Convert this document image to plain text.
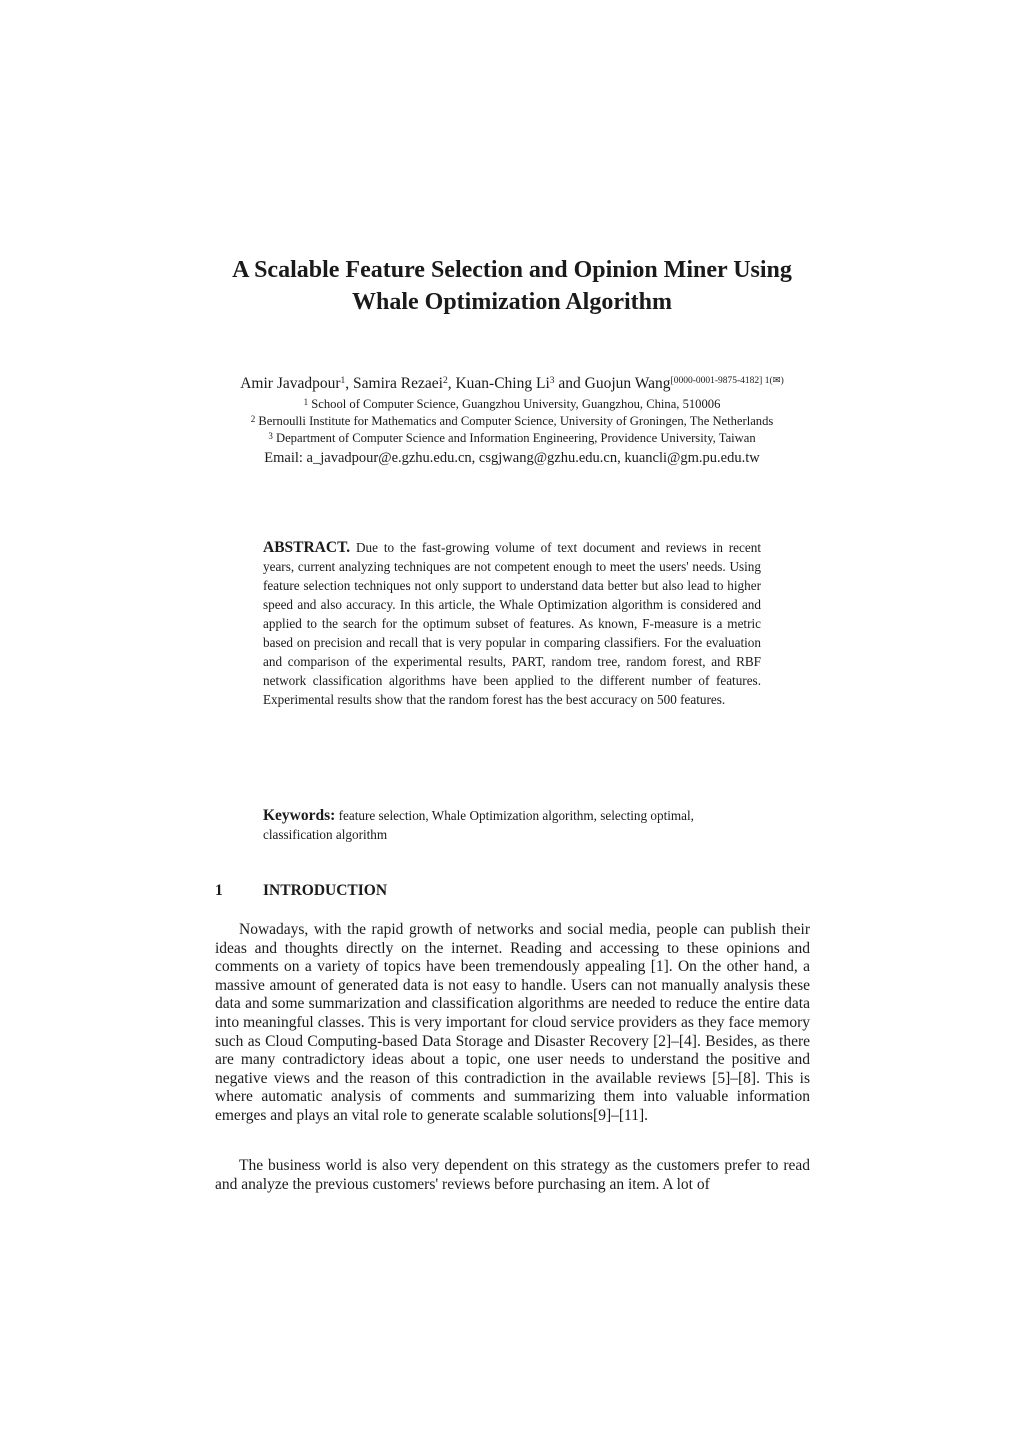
A Scalable Feature Selection and Opinion Miner Using
Whale Optimization Algorithm
Amir Javadpour$^1$, Samira Rezaei$^2$, Kuan-Ching Li$^3$ and Guojun Wang$^{[0000-0001-9875-4182] 1(✉)}$
$^1$ School of Computer Science, Guangzhou University, Guangzhou, China, 510006
$^2$ Bernoulli Institute for Mathematics and Computer Science, University of Groningen, The Netherlands
$^3$ Department of Computer Science and Information Engineering, Providence University, Taiwan
Email: a_javadpour@e.gzhu.edu.cn, csgjwang@gzhu.edu.cn, kuancli@gm.pu.edu.tw
ABSTRACT. Due to the fast-growing volume of text document and reviews in recent years, current analyzing techniques are not competent enough to meet the users' needs. Using feature selection techniques not only support to understand data better but also lead to higher speed and also accuracy. In this article, the Whale Optimization algorithm is considered and applied to the search for the optimum subset of features. As known, F-measure is a metric based on precision and recall that is very popular in comparing classifiers. For the evaluation and comparison of the experimental results, PART, random tree, random forest, and RBF network classification algorithms have been applied to the different number of features. Experimental results show that the random forest has the best accuracy on 500 features.
Keywords: feature selection, Whale Optimization algorithm, selecting optimal, classification algorithm
1	INTRODUCTION

Nowadays, with the rapid growth of networks and social media, people can publish their ideas and thoughts directly on the internet. Reading and accessing to these opinions and comments on a variety of topics have been tremendously appealing [1]. On the other hand, a massive amount of generated data is not easy to handle. Users can not manually analysis these data and some summarization and classification algorithms are needed to reduce the entire data into meaningful classes. This is very important for cloud service providers as they face memory such as Cloud Computing-based Data Storage and Disaster Recovery [2]–[4]. Besides, as there are many contradictory ideas about a topic, one user needs to understand the positive and negative views and the reason of this contradiction in the available reviews [5]–[8]. This is where automatic analysis of comments and summarizing them into valuable information emerges and plays an vital role to generate scalable solutions[9]–[11].

The business world is also very dependent on this strategy as the customers prefer to read and analyze the previous customers' reviews before purchasing an item. A lot of
